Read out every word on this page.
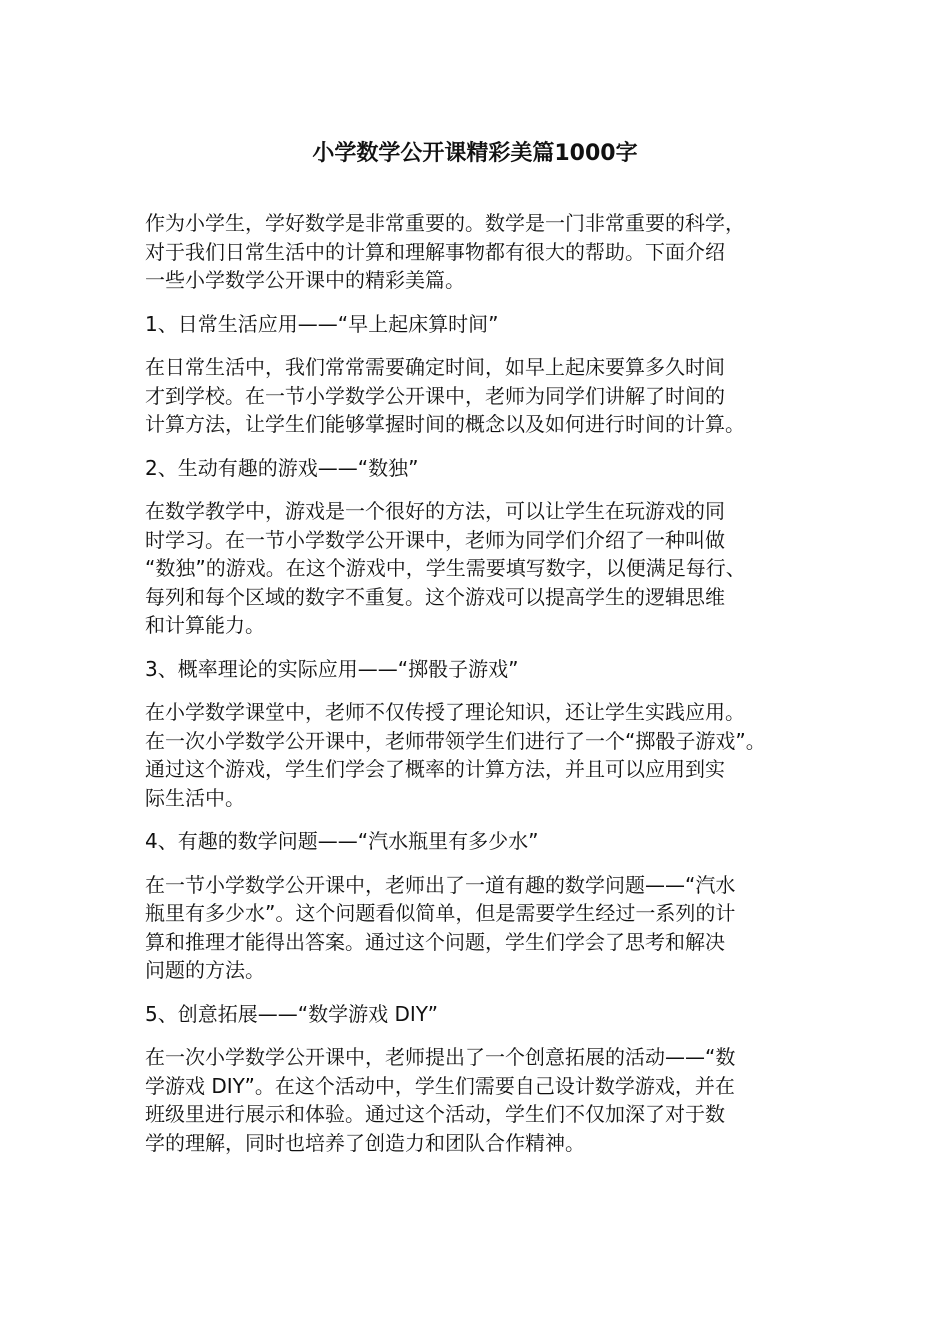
小学数学公开课精彩美篇1000字

作为小学生，学好数学是非常重要的。数学是一门非常重要的科学，
对于我们日常生活中的计算和理解事物都有很大的帮助。下面介绍
一些小学数学公开课中的精彩美篇。

1、日常生活应用——“早上起床算时间”

在日常生活中，我们常常需要确定时间，如早上起床要算多久时间
才到学校。在一节小学数学公开课中，老师为同学们讲解了时间的
计算方法，让学生们能够掌握时间的概念以及如何进行时间的计算。

2、生动有趣的游戏——“数独”

在数学教学中，游戏是一个很好的方法，可以让学生在玩游戏的同
时学习。在一节小学数学公开课中，老师为同学们介绍了一种叫做
“数独”的游戏。在这个游戏中，学生需要填写数字，以便满足每行、
每列和每个区域的数字不重复。这个游戏可以提高学生的逻辑思维
和计算能力。

3、概率理论的实际应用——“掷骰子游戏”

在小学数学课堂中，老师不仅传授了理论知识，还让学生实践应用。
在一次小学数学公开课中，老师带领学生们进行了一个“掷骰子游戏”。
通过这个游戏，学生们学会了概率的计算方法，并且可以应用到实
际生活中。

4、有趣的数学问题——“汽水瓶里有多少水”

在一节小学数学公开课中，老师出了一道有趣的数学问题——“汽水
瓶里有多少水”。这个问题看似简单，但是需要学生经过一系列的计
算和推理才能得出答案。通过这个问题，学生们学会了思考和解决
问题的方法。

5、创意拓展——“数学游戏 DIY”

在一次小学数学公开课中，老师提出了一个创意拓展的活动——“数
学游戏 DIY”。在这个活动中，学生们需要自己设计数学游戏，并在
班级里进行展示和体验。通过这个活动，学生们不仅加深了对于数
学的理解，同时也培养了创造力和团队合作精神。
